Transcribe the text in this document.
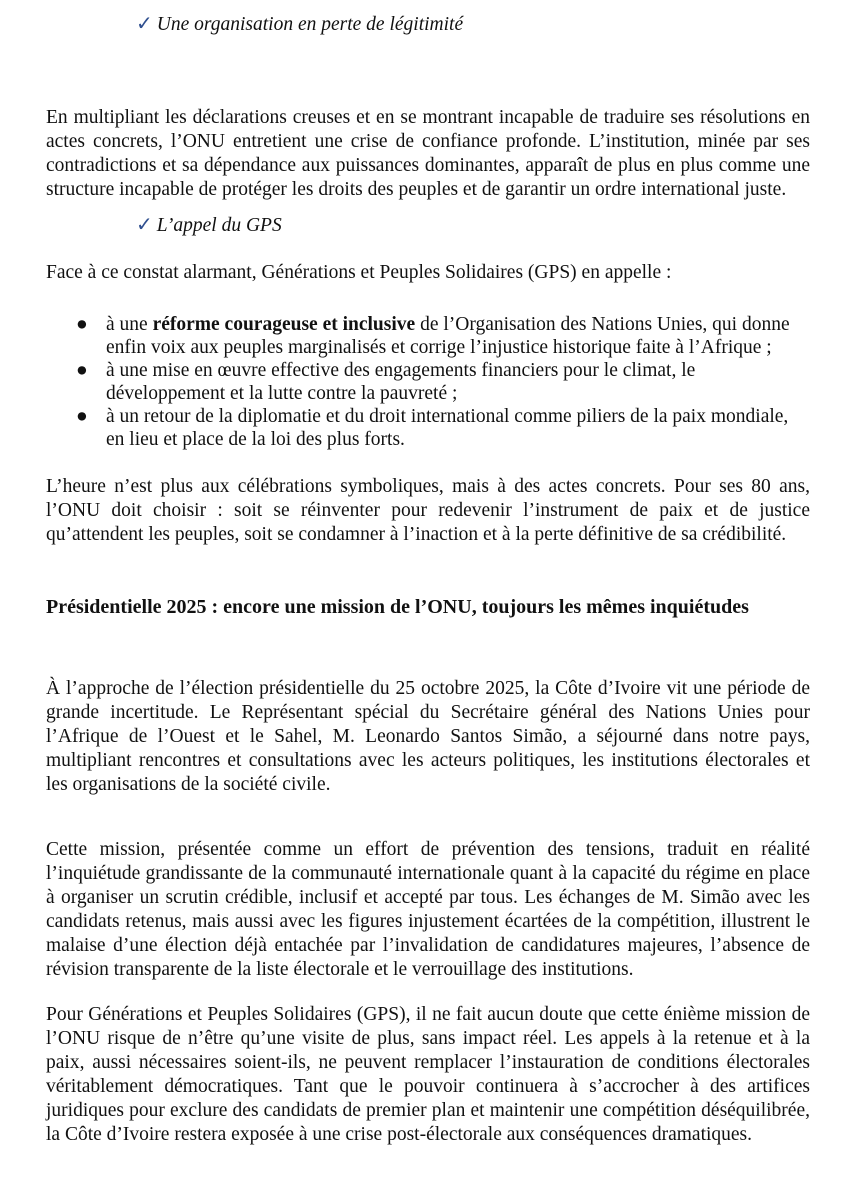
✓ Une organisation en perte de légitimité

En multipliant les déclarations creuses et en se montrant incapable de traduire ses résolutions en actes concrets, l’ONU entretient une crise de confiance profonde. L’institution, minée par ses contradictions et sa dépendance aux puissances dominantes, apparaît de plus en plus comme une structure incapable de protéger les droits des peuples et de garantir un ordre international juste.

✓ L’appel du GPS

Face à ce constat alarmant, Générations et Peuples Solidaires (GPS) en appelle :

● à une réforme courageuse et inclusive de l’Organisation des Nations Unies, qui donne enfin voix aux peuples marginalisés et corrige l’injustice historique faite à l’Afrique ;
● à une mise en œuvre effective des engagements financiers pour le climat, le développement et la lutte contre la pauvreté ;
● à un retour de la diplomatie et du droit international comme piliers de la paix mondiale, en lieu et place de la loi des plus forts.

L’heure n’est plus aux célébrations symboliques, mais à des actes concrets. Pour ses 80 ans, l’ONU doit choisir : soit se réinventer pour redevenir l’instrument de paix et de justice qu’attendent les peuples, soit se condamner à l’inaction et à la perte définitive de sa crédibilité.

Présidentielle 2025 : encore une mission de l’ONU, toujours les mêmes inquiétudes

À l’approche de l’élection présidentielle du 25 octobre 2025, la Côte d’Ivoire vit une période de grande incertitude. Le Représentant spécial du Secrétaire général des Nations Unies pour l’Afrique de l’Ouest et le Sahel, M. Leonardo Santos Simão, a séjourné dans notre pays, multipliant rencontres et consultations avec les acteurs politiques, les institutions électorales et les organisations de la société civile.

Cette mission, présentée comme un effort de prévention des tensions, traduit en réalité l’inquiétude grandissante de la communauté internationale quant à la capacité du régime en place à organiser un scrutin crédible, inclusif et accepté par tous. Les échanges de M. Simão avec les candidats retenus, mais aussi avec les figures injustement écartées de la compétition, illustrent le malaise d’une élection déjà entachée par l’invalidation de candidatures majeures, l’absence de révision transparente de la liste électorale et le verrouillage des institutions.

Pour Générations et Peuples Solidaires (GPS), il ne fait aucun doute que cette énième mission de l’ONU risque de n’être qu’une visite de plus, sans impact réel. Les appels à la retenue et à la paix, aussi nécessaires soient-ils, ne peuvent remplacer l’instauration de conditions électorales véritablement démocratiques. Tant que le pouvoir continuera à s’accrocher à des artifices juridiques pour exclure des candidats de premier plan et maintenir une compétition déséquilibrée, la Côte d’Ivoire restera exposée à une crise post-électorale aux conséquences dramatiques.
